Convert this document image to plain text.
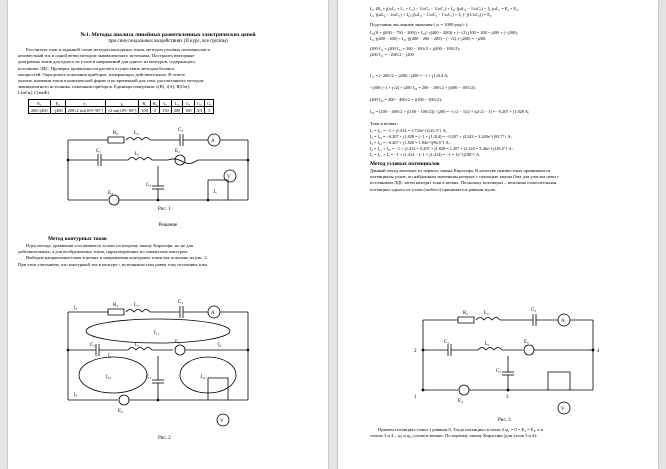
№1. Методы анализа линейных разветвленных электрических цепей
при синусоидальных воздействиях (II курс, все группы)
Рассчитать токи в заданной схеме методом контурных токов, методом узловых потенциалов и
неизвестный ток в одной ветви методом эквивалентного источника. Построить векторные
диаграммы токов для одного из узлов и напряжений для одного из контуров, содержащего
источники ЭДС. Проверку правильности расчета осуществить методом баланса
мощностей. Определить показания приборов, измеряющих действительное. В ответе
указать значения токов в комплексной форме и во временной для тока, рассчитанного методом
эквивалентного источника, показания приборов. Единицы измерения: ε[В], i[А], R[Ом],
L[мГн], C[мкФ].
E₂	E₄	e₁	j₅	R₁	R₂	L₁	L₄	C₁	C₂	C₃
200+j400	−j200	200√2 sin(10³t−90°)	√2 sin(10³t−90°)	100	0	150	400	100	4/3	5
R₂	L₂
C₂
A
C₁
L₁
E₂
C₃
E₄
V
J₅
Рис. 1
Решение
Метод контурных токов
Идея метода: уравнения составляются только по второму закону Кирхгофа, но не для
действительных, а для воображаемых токов, циркулирующих по замкнутым контурам.
Выберем направления токов в ветвях и направления контурных токов как показано на рис. 2.
При этом учитываем, что контурный ток в контуре с источником тока равен току источника тока.
R₂	L₂
C₂
A
I₂
I₁₁
C₁
I₁
L₁
E₂
I₄
C₃
I₂₂	J₃₃
I₃
E₄
V
Рис. 2
I₁₁·(R₂ + j(ωL₂ + L₁ + L₄) − 1/ωC₂ − 1/ωC₁) + I₂₂·(jωL₄ − 1/ωC₁) + J₅·jωL₁ = E₂ + E₄;
I₁₁·j(ωL₄ − 1/ωC₁) + I₂₂·j(ωL₄ − 1/ωC₃ − 1/ωC₁) + J₅·(−j(1/ωC₃)) = E₄.
Подставим численные значения ( ω = 1000 рад/с ):
I₁₁(0 + j(650 − 750 − 200)) + I₂₂(−j(400 − 200)) + (−√2)·j100 = 200 + j400 + (−j200);
I₁₁·j(400 − 200) + I₂₂·(j(400 − 200 − 200) − (−√2)·(−j200) = −j200;
j300·I₁₁ + j200·I₂₂ = 200 − 100√2 + j(400 − 100√2);
j200·I₁₁ = −200√2 − j200
I₁₁ = (−200√2 − j200) / j200 = −1 + j1.414 А;
−j300·(−1 + j√2) + j200·I₂₂ = 200 − 100√2 + j(400 − 100√2);
j200·I₂₂ = 200 − 400√2 + j(100 − 100√2);
I₂₂ = (200 − 400√2 + j(100 − 100√2)) / j200 = −(√2 − 1)/2 + j(2√2 − 1) = −0.207 + j1.828 А;
Токи в ветвях:
I₁ = I₁₁ = −1 + j1.414 = 1.732e^{j125,3°} А;
I₂ = I₂₂ = −0.207 + j1.828 = (−1 + j1.414) = −0.207 + j3.243 = 3.249e^{j93,7°} А;
I₃ = I₂₂ = −0.207 + j1.828 = 1.84e^{j96,5°} А;
I₄ = I₁₁ + I₂₂ = −1 + j1.414 + 0.207 + j1.828 = 1.207 + j3.243 = 3.46e^{j110,4°} А;
I₅ = I₁₁ + J₅ = −1 + j1.414 − (−1 + j1.414) = −1 = 1e^{j180°} А.
Метод узловых потенциалов
Данный метод вытекает из первого закона Кирхгофа. В качестве неизвестных принимаются
потенциалы узлов, по найденным значениям которых с помощью закона Ома для участка цепи с
источником ЭДС затем находят токи в ветвях. Поскольку потенциал – величина относительная,
потенциал одного из узлов (любого) принимается равным нулю.
R₂	L₂
C₂
A
C₁	L₁	E₂
C₃
E₄
V
2	4
3
1
Рис. 3
Примем потенциал точки 1 равным 0. Тогда потенциал в точке 2 φ₂ = 0 + E₄ = E₄, а в
точках 3 и 4 – φ₃ и φ₄ соответственно. По первому закону Кирхгофа (для узлов 3 и 4):
